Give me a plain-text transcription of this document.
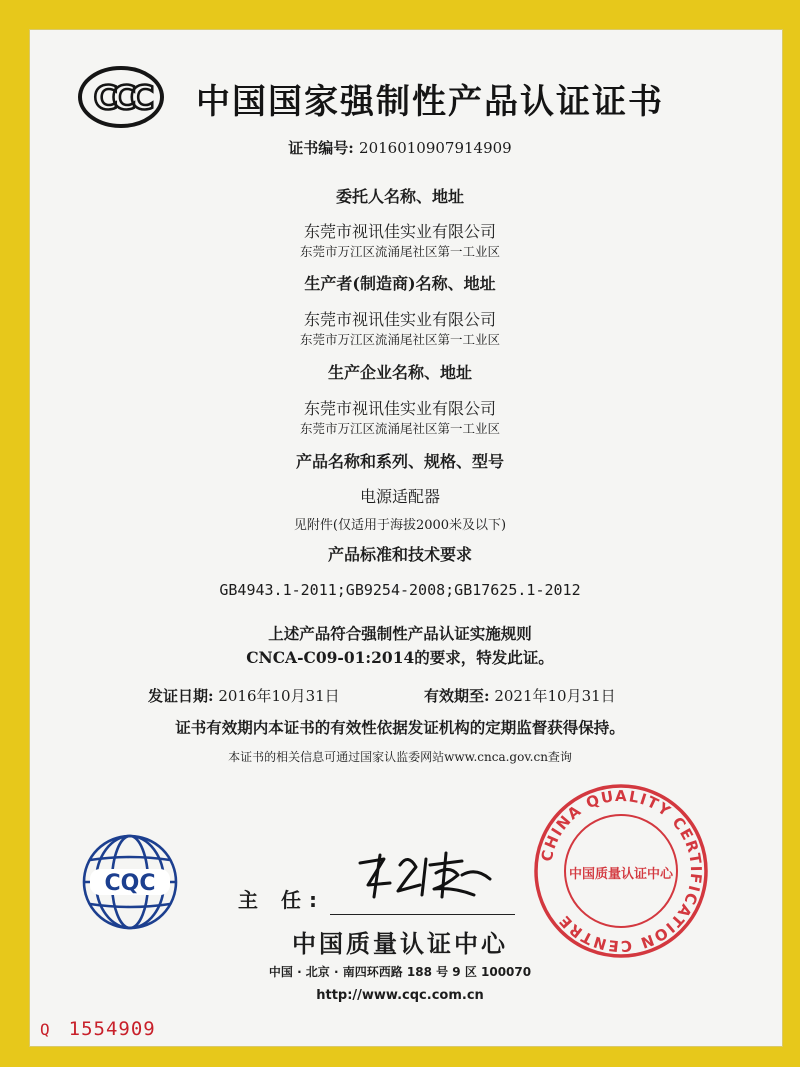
CCC 中国国家强制性产品认证证书
证书编号: 2016010907914909
委托人名称、地址
东莞市视讯佳实业有限公司
东莞市万江区流涌尾社区第一工业区
生产者(制造商)名称、地址
东莞市视讯佳实业有限公司
东莞市万江区流涌尾社区第一工业区
生产企业名称、地址
东莞市视讯佳实业有限公司
东莞市万江区流涌尾社区第一工业区
产品名称和系列、规格、型号
电源适配器
见附件(仅适用于海拔2000米及以下)
产品标准和技术要求
GB4943.1-2011;GB9254-2008;GB17625.1-2012
上述产品符合强制性产品认证实施规则
CNCA-C09-01:2014的要求，特发此证。
发证日期: 2016年10月31日	有效期至: 2021年10月31日
证书有效期内本证书的有效性依据发证机构的定期监督获得保持。
本证书的相关信息可通过国家认监委网站www.cnca.gov.cn查询
CQC
主 任:
中国质量认证中心
中国 · 北京 · 南四环西路 188 号 9 区 100070
http://www.cqc.com.cn
CHINA QUALITY CERTIFICATION CENTRE
中国质量认证中心
Q 1554909
